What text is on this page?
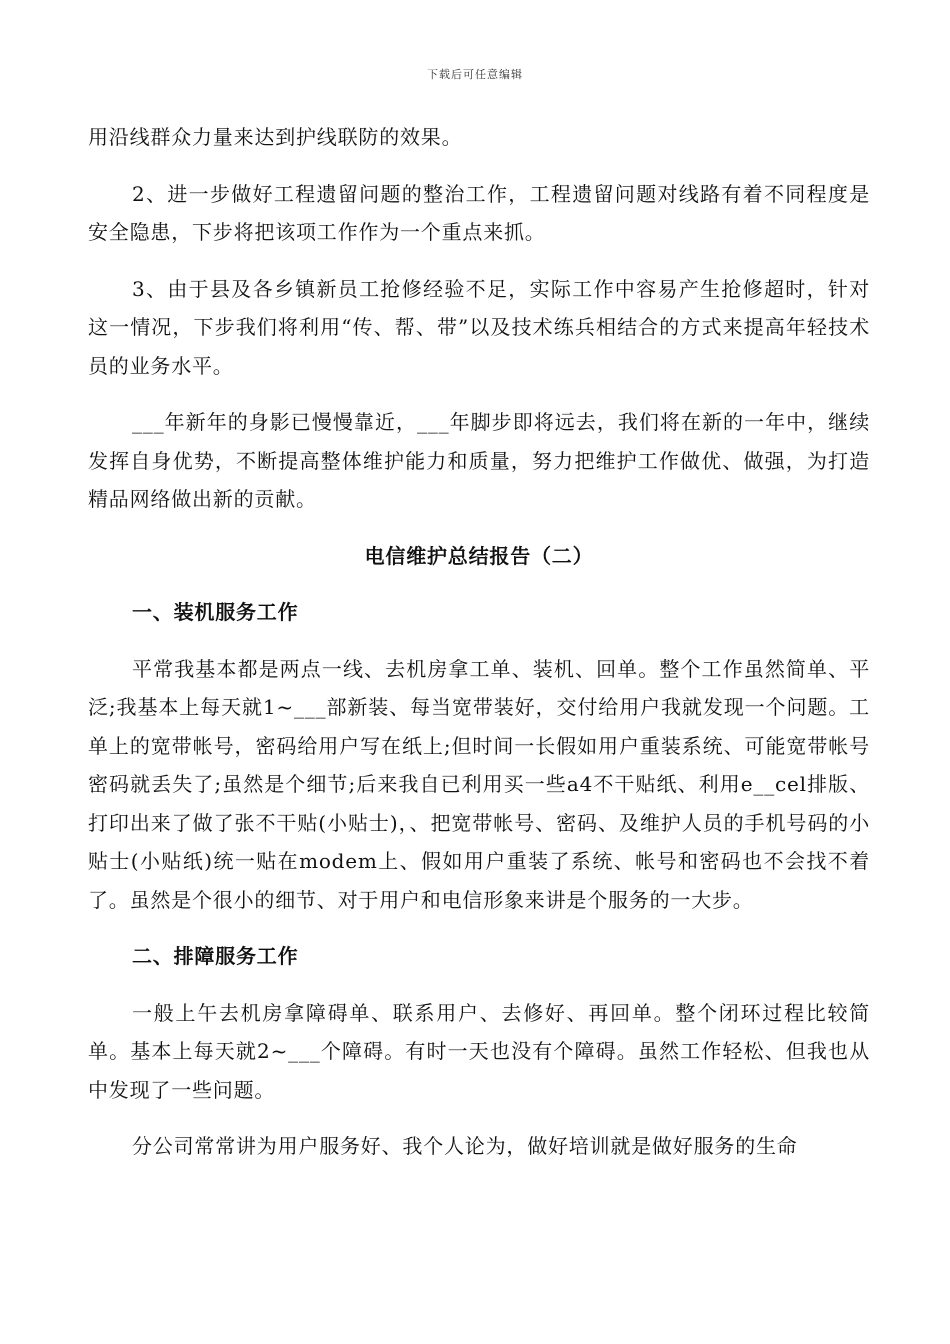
下载后可任意编辑

用沿线群众力量来达到护线联防的效果。

2、进一步做好工程遗留问题的整治工作，工程遗留问题对线路有着不同程度是安全隐患，下步将把该项工作作为一个重点来抓。

3、由于县及各乡镇新员工抢修经验不足，实际工作中容易产生抢修超时，针对这一情况，下步我们将利用“传、帮、带”以及技术练兵相结合的方式来提高年轻技术员的业务水平。

___年新年的身影已慢慢靠近，___年脚步即将远去，我们将在新的一年中，继续发挥自身优势，不断提高整体维护能力和质量，努力把维护工作做优、做强，为打造精品网络做出新的贡献。

电信维护总结报告（二）

一、装机服务工作

平常我基本都是两点一线、去机房拿工单、装机、回单。整个工作虽然简单、平泛;我基本上每天就1~___部新装、每当宽带装好，交付给用户我就发现一个问题。工单上的宽带帐号，密码给用户写在纸上;但时间一长假如用户重装系统、可能宽带帐号密码就丢失了;虽然是个细节;后来我自已利用买一些a4不干贴纸、利用e__cel排版、打印出来了做了张不干贴(小贴士)，、把宽带帐号、密码、及维护人员的手机号码的小贴士(小贴纸)统一贴在modem上、假如用户重装了系统、帐号和密码也不会找不着了。虽然是个很小的细节、对于用户和电信形象来讲是个服务的一大步。

二、排障服务工作

一般上午去机房拿障碍单、联系用户、去修好、再回单。整个闭环过程比较简单。基本上每天就2~___个障碍。有时一天也没有个障碍。虽然工作轻松、但我也从中发现了一些问题。

分公司常常讲为用户服务好、我个人论为，做好培训就是做好服务的生命
